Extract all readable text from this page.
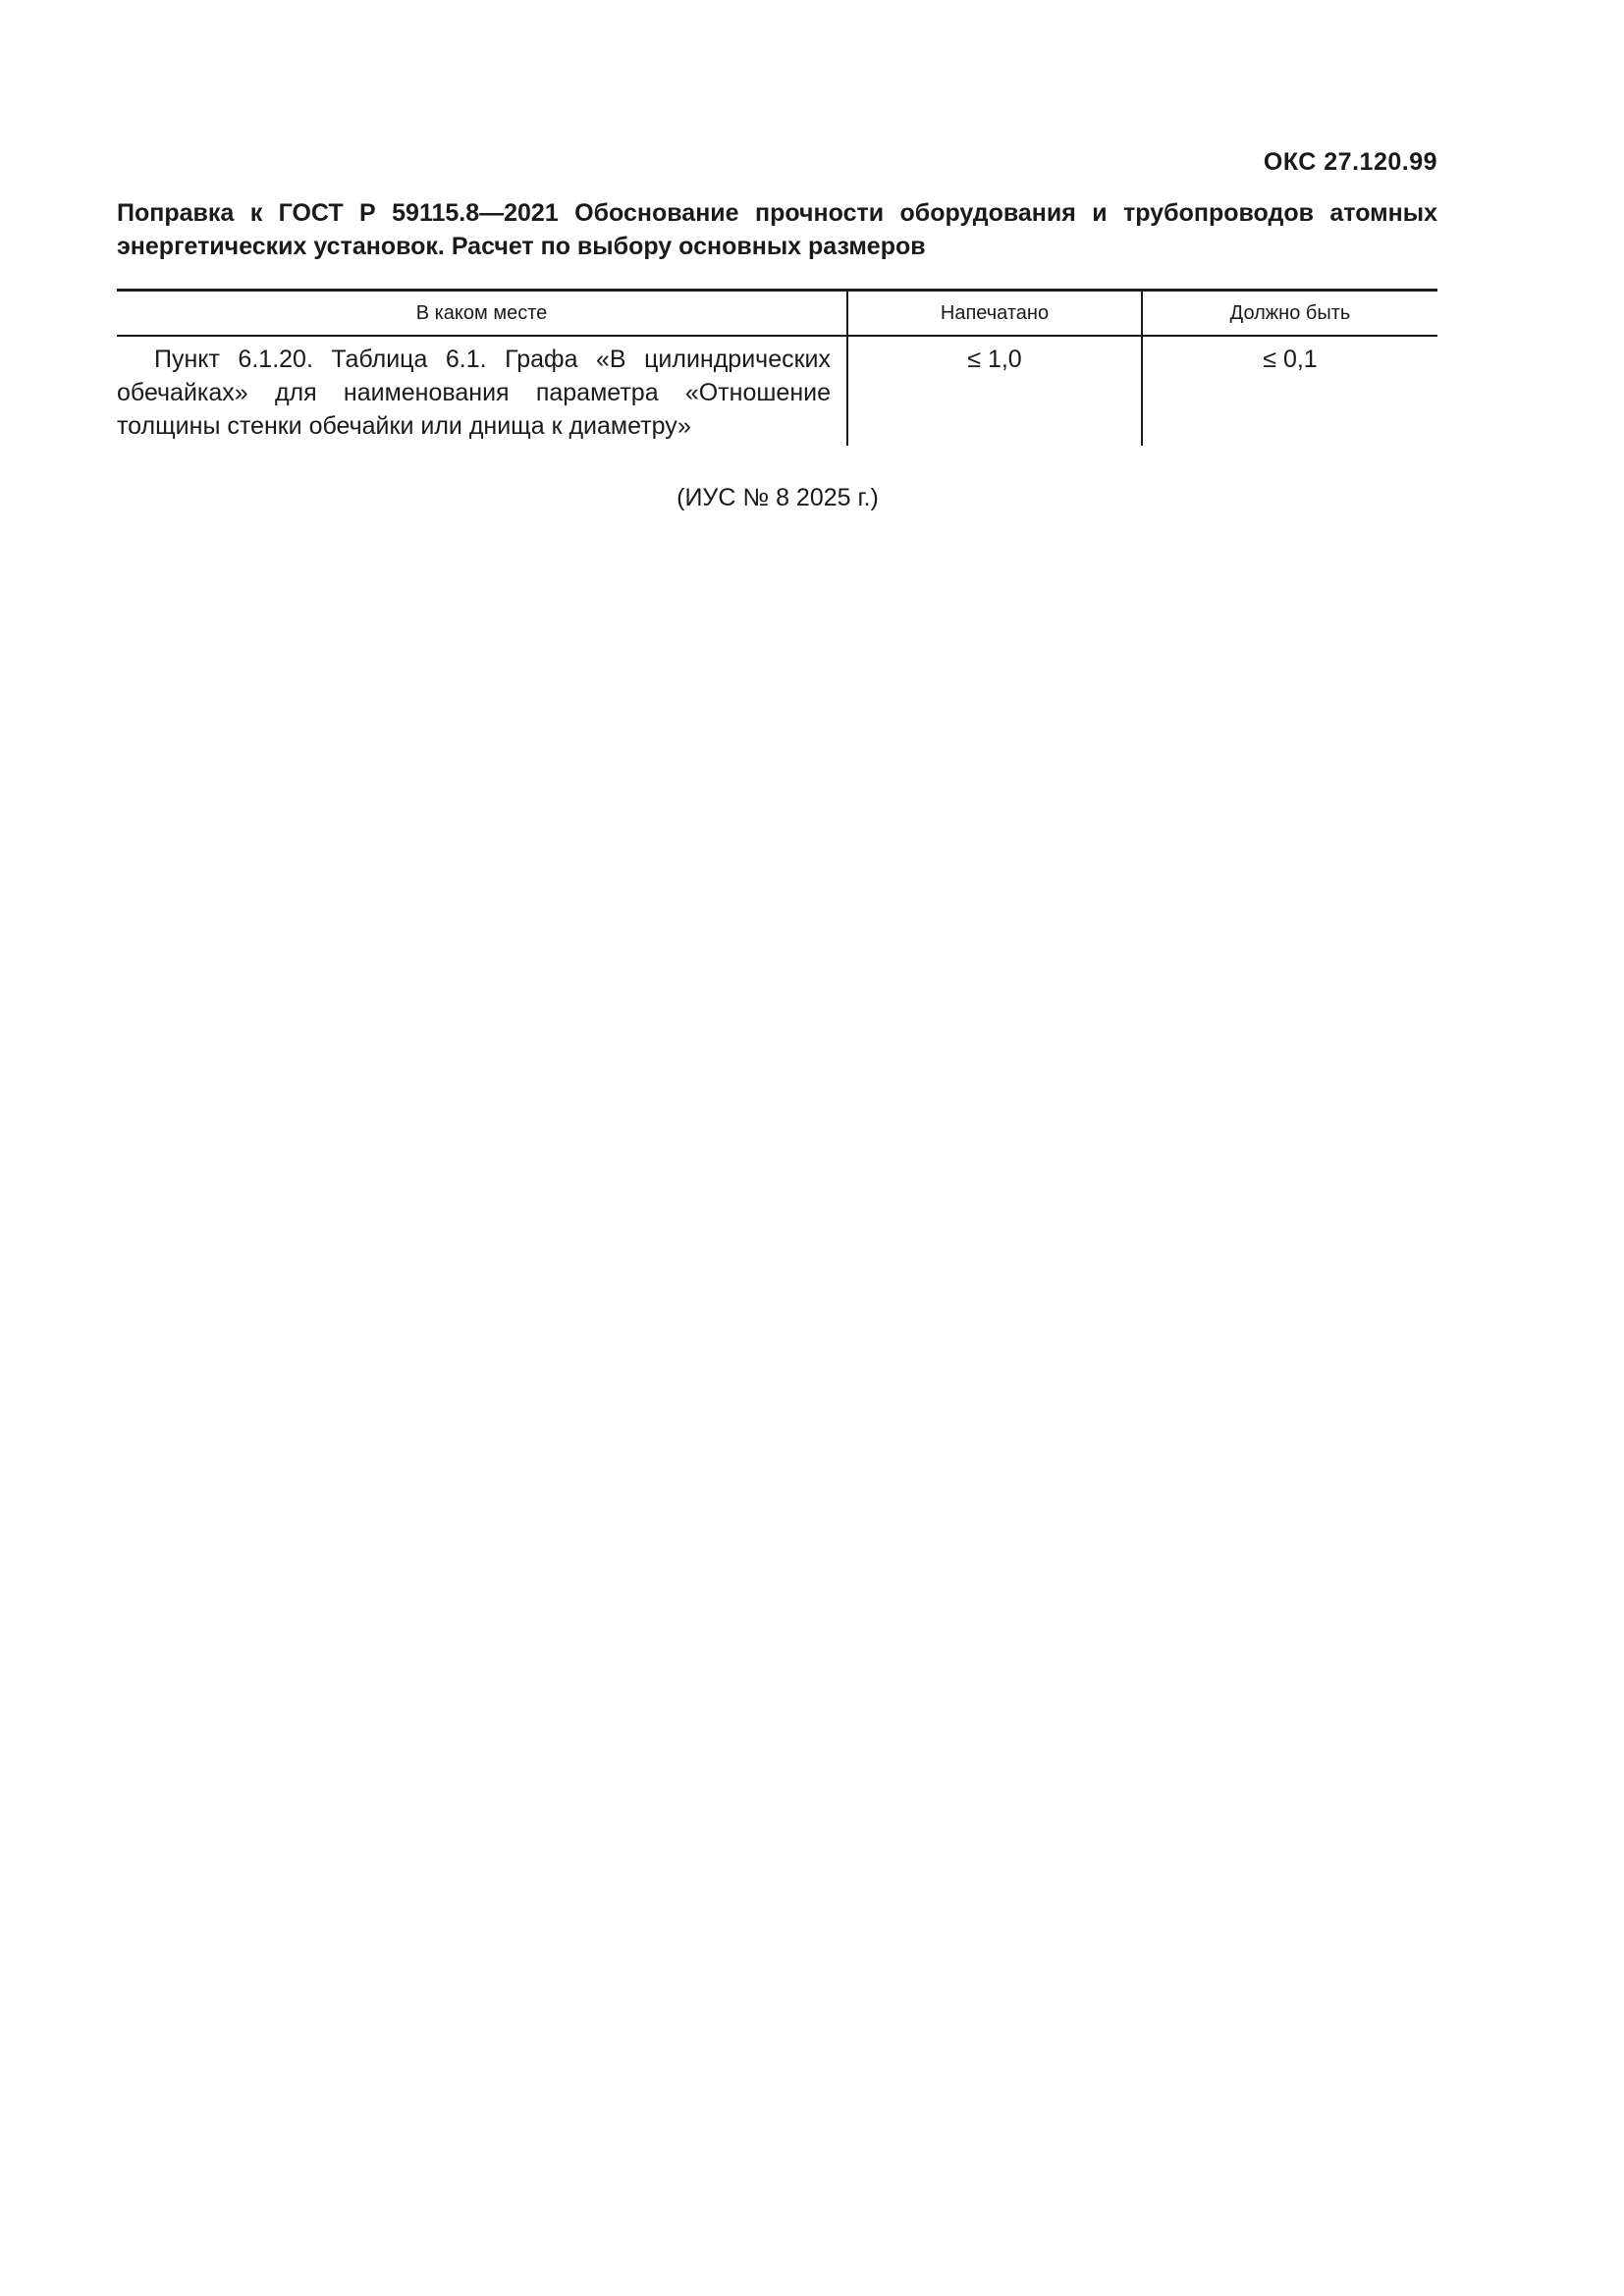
ОКС 27.120.99
Поправка к ГОСТ Р 59115.8—2021 Обоснование прочности оборудования и трубопроводов атомных энергетических установок. Расчет по выбору основных размеров
В каком месте	Напечатано	Должно быть
Пункт 6.1.20. Таблица 6.1. Графа «В цилиндрических обечайках» для наименования параметра «Отношение толщины стенки обечайки или днища к диаметру»	≤ 1,0	≤ 0,1
(ИУС № 8 2025 г.)
